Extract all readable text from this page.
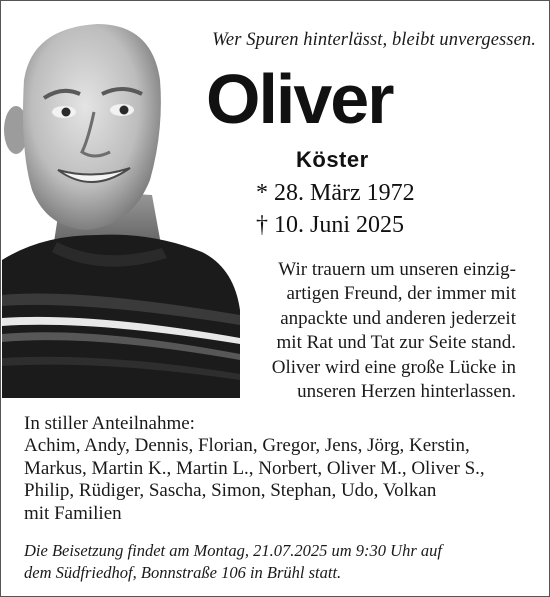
Wer Spuren hinterlässt, bleibt unvergessen.
Oliver
Köster
* 28. März 1972
† 10. Juni 2025
Wir trauern um unseren einzig-
artigen Freund, der immer mit
anpackte und anderen jederzeit
mit Rat und Tat zur Seite stand.
Oliver wird eine große Lücke in
unseren Herzen hinterlassen.
In stiller Anteilnahme:
Achim, Andy, Dennis, Florian, Gregor, Jens, Jörg, Kerstin,
Markus, Martin K., Martin L., Norbert, Oliver M., Oliver S.,
Philip, Rüdiger, Sascha, Simon, Stephan, Udo, Volkan
mit Familien
Die Beisetzung findet am Montag, 21.07.2025 um 9:30 Uhr auf
dem Südfriedhof, Bonnstraße 106 in Brühl statt.
